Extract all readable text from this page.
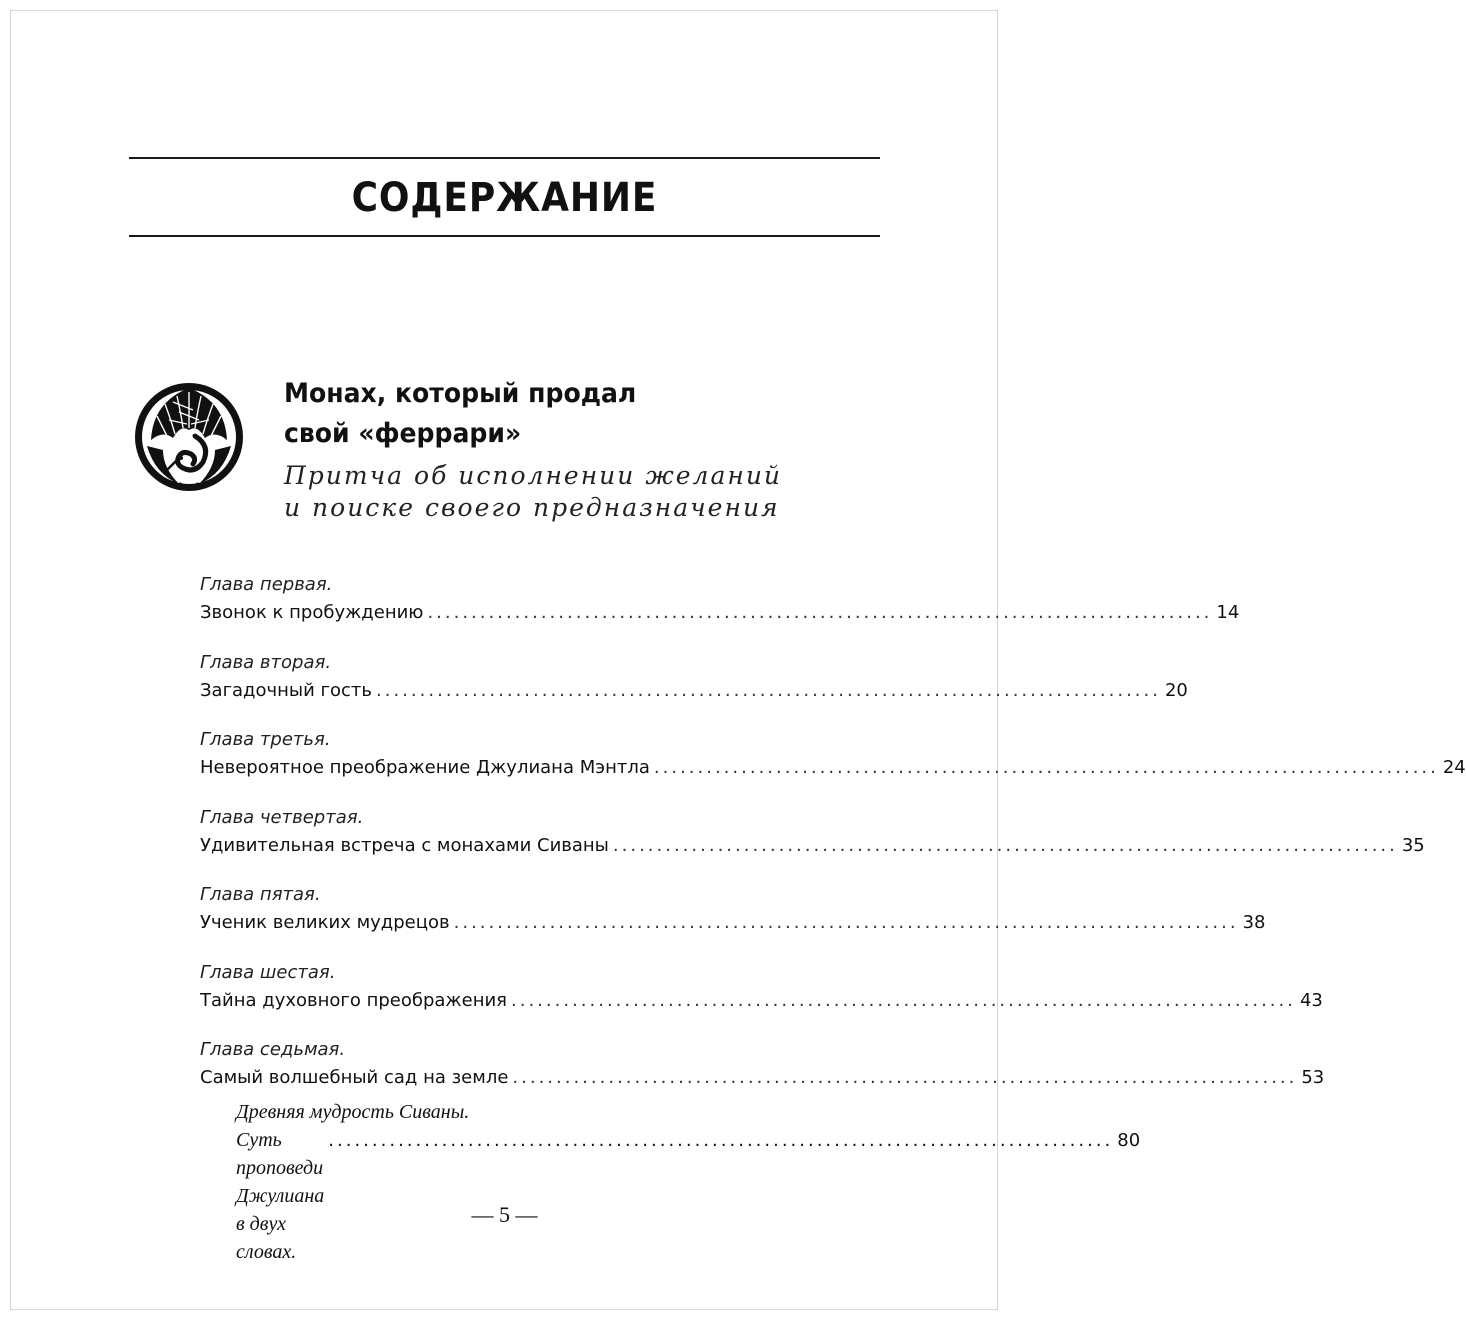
СОДЕРЖАНИЕ
Монах, который продал
свой «феррари»
Притча об исполнении желаний
и поиске своего предназначения
Глава первая.
Звонок к пробуждению .......................................................................................... 14
Глава вторая.
Загадочный гость .......................................................................................... 20
Глава третья.
Невероятное преображение Джулиана Мэнтла .......................................................................................... 24
Глава четвертая.
Удивительная встреча с монахами Сиваны .......................................................................................... 35
Глава пятая.
Ученик великих мудрецов .......................................................................................... 38
Глава шестая.
Тайна духовного преображения .......................................................................................... 43
Глава седьмая.
Самый волшебный сад на земле .......................................................................................... 53
Древняя мудрость Сиваны.
Суть проповеди Джулиана в двух словах.
.......................................................................................... 80
— 5 —
